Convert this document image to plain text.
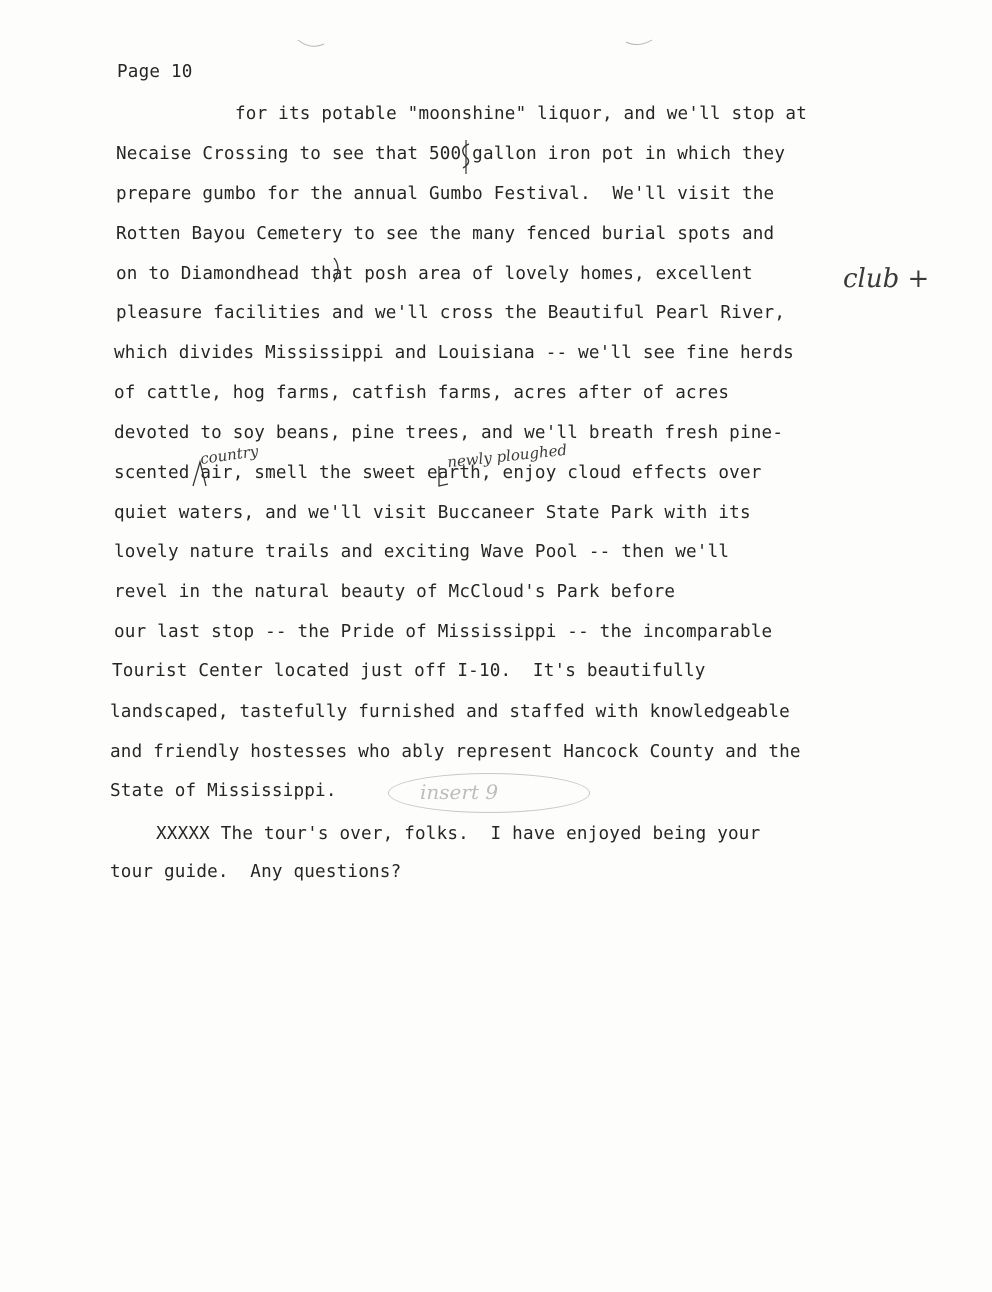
Page 10
for its potable "moonshine" liquor, and we'll stop at
Necaise Crossing to see that 500 gallon iron pot in which they
prepare gumbo for the annual Gumbo Festival.  We'll visit the
Rotten Bayou Cemetery to see the many fenced burial spots and
on to Diamondhead that posh area of lovely homes, excellent
pleasure facilities and we'll cross the Beautiful Pearl River,
which divides Mississippi and Louisiana -- we'll see fine herds
of cattle, hog farms, catfish farms, acres after of acres
devoted to soy beans, pine trees, and we'll breath fresh pine-
scented air, smell the sweet earth, enjoy cloud effects over
quiet waters, and we'll visit Buccaneer State Park with its
lovely nature trails and exciting Wave Pool -- then we'll
revel in the natural beauty of McCloud's Park before
our last stop -- the Pride of Mississippi -- the incomparable
Tourist Center located just off I-10.  It's beautifully
landscaped, tastefully furnished and staffed with knowledgeable
and friendly hostesses who ably represent Hancock County and the
State of Mississippi.
XXXXX The tour's over, folks.  I have enjoyed being your
tour guide.  Any questions?
club +
country	newly ploughed
insert 9
